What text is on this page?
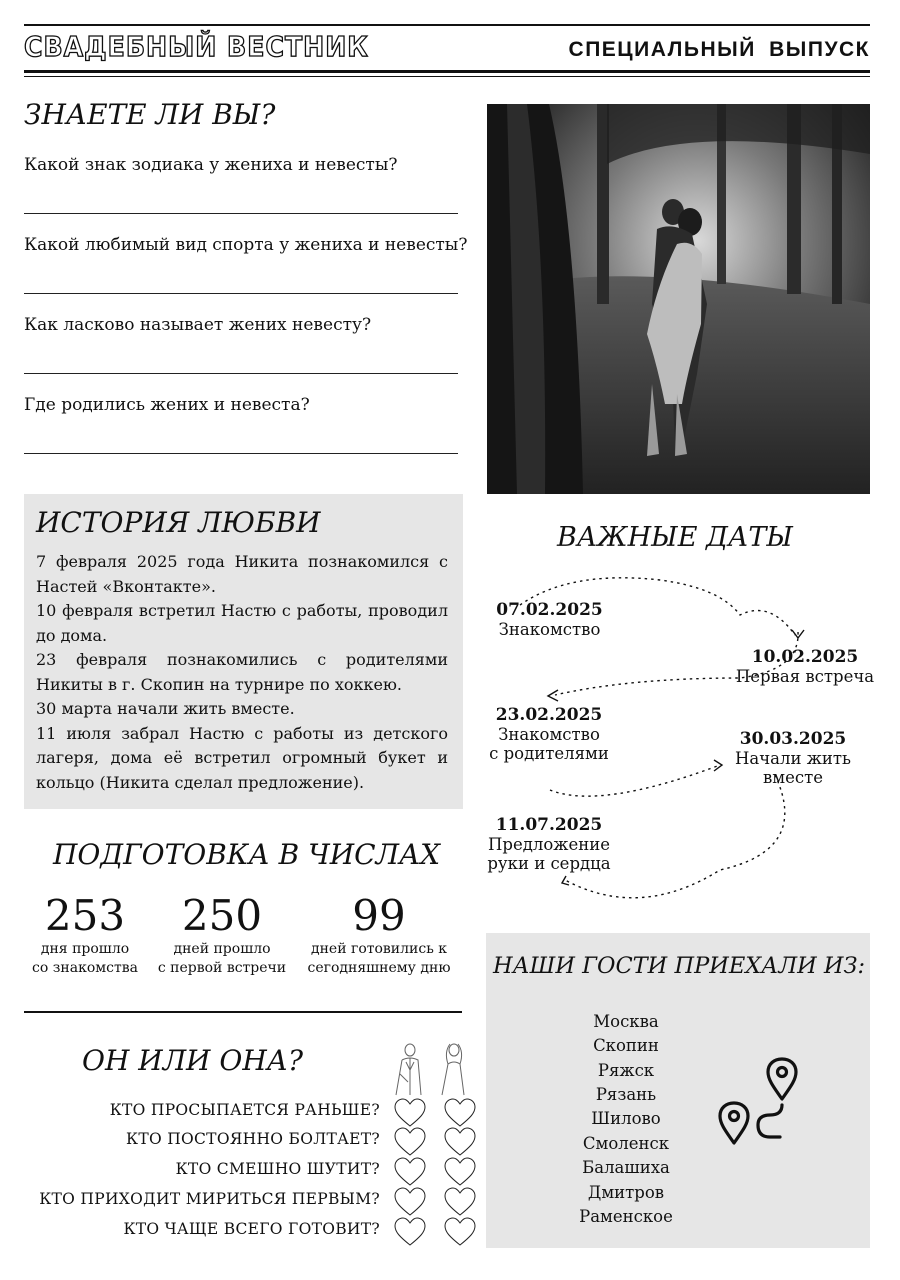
СВАДЕБНЫЙ ВЕСТНИК	СПЕЦИАЛЬНЫЙ ВЫПУСК
ЗНАЕТЕ ЛИ ВЫ?
Какой знак зодиака у жениха и невесты?
Какой любимый вид спорта у жениха и невесты?
Как ласково называет жених невесту?
Где родились жених и невеста?
ИСТОРИЯ ЛЮБВИ

7 февраля 2025 года Никита познакомился с Настей «Вконтакте».

10 февраля встретил Настю с работы, проводил до дома.

23 февраля познакомились с родителями Никиты в г. Скопин на турнире по хоккею.

30 марта начали жить вместе.

11 июля забрал Настю с работы из детского лагеря, дома её встретил огромный букет и кольцо (Никита сделал предложение).

ВАЖНЫЕ ДАТЫ
07.02.2025
Знакомство
10.02.2025
Первая встреча
23.02.2025
Знакомство
с родителями
30.03.2025
Начали жить
вместе
11.07.2025
Предложение
руки и сердца
ПОДГОТОВКА В ЧИСЛАХ
253
дня прошло
со знакомства
250
дней прошло
с первой встречи
99
дней готовились к
сегодняшнему дню
ОН ИЛИ ОНА?
КТО ПРОСЫПАЕТСЯ РАНЬШЕ?
КТО ПОСТОЯННО БОЛТАЕТ?
КТО СМЕШНО ШУТИТ?
КТО ПРИХОДИТ МИРИТЬСЯ ПЕРВЫМ?
КТО ЧАЩЕ ВСЕГО ГОТОВИТ?
НАШИ ГОСТИ ПРИЕХАЛИ ИЗ:
Москва
Скопин
Ряжск
Рязань
Шилово
Смоленск
Балашиха
Дмитров
Раменское
